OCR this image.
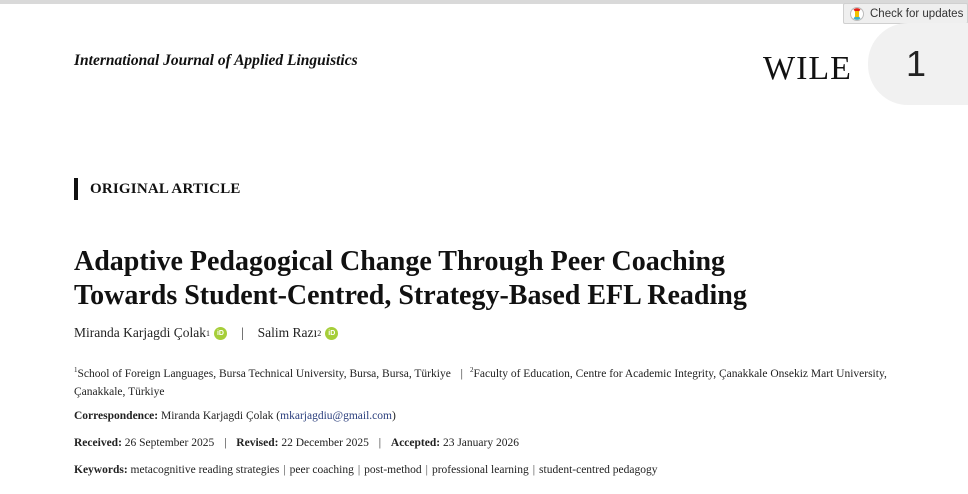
Check for updates
International Journal of Applied Linguistics	WILE 1
ORIGINAL ARTICLE
Adaptive Pedagogical Change Through Peer Coaching
Towards Student-Centred, Strategy-Based EFL Reading
Miranda Karjagdi Çolak 1	iD | Salim Razı 2	iD
$^1$School of Foreign Languages, Bursa Technical University, Bursa, Bursa, Türkiye | $^2$Faculty of Education, Centre for Academic Integrity, Çanakkale Onsekiz Mart University, Çanakkale, Türkiye
Correspondence: Miranda Karjagdi Çolak (mkarjagdiu@gmail.com)
Received: 26 September 2025 | Revised: 22 December 2025 | Accepted: 23 January 2026
Keywords: metacognitive reading strategies | peer coaching | post-method | professional learning | student-centred pedagogy
